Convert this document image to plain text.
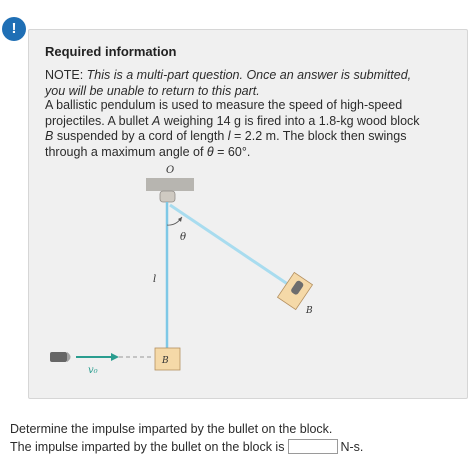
!
Required information
NOTE: This is a multi-part question. Once an answer is submitted, you will be unable to return to this part.
A ballistic pendulum is used to measure the speed of high-speed projectiles. A bullet A weighing 14 g is fired into a 1.8-kg wood block B suspended by a cord of length l = 2.2 m. The block then swings through a maximum angle of θ = 60°.
O
θ
l
B
B
v₀
Determine the impulse imparted by the bullet on the block.
The impulse imparted by the bullet on the block is	N-s.
